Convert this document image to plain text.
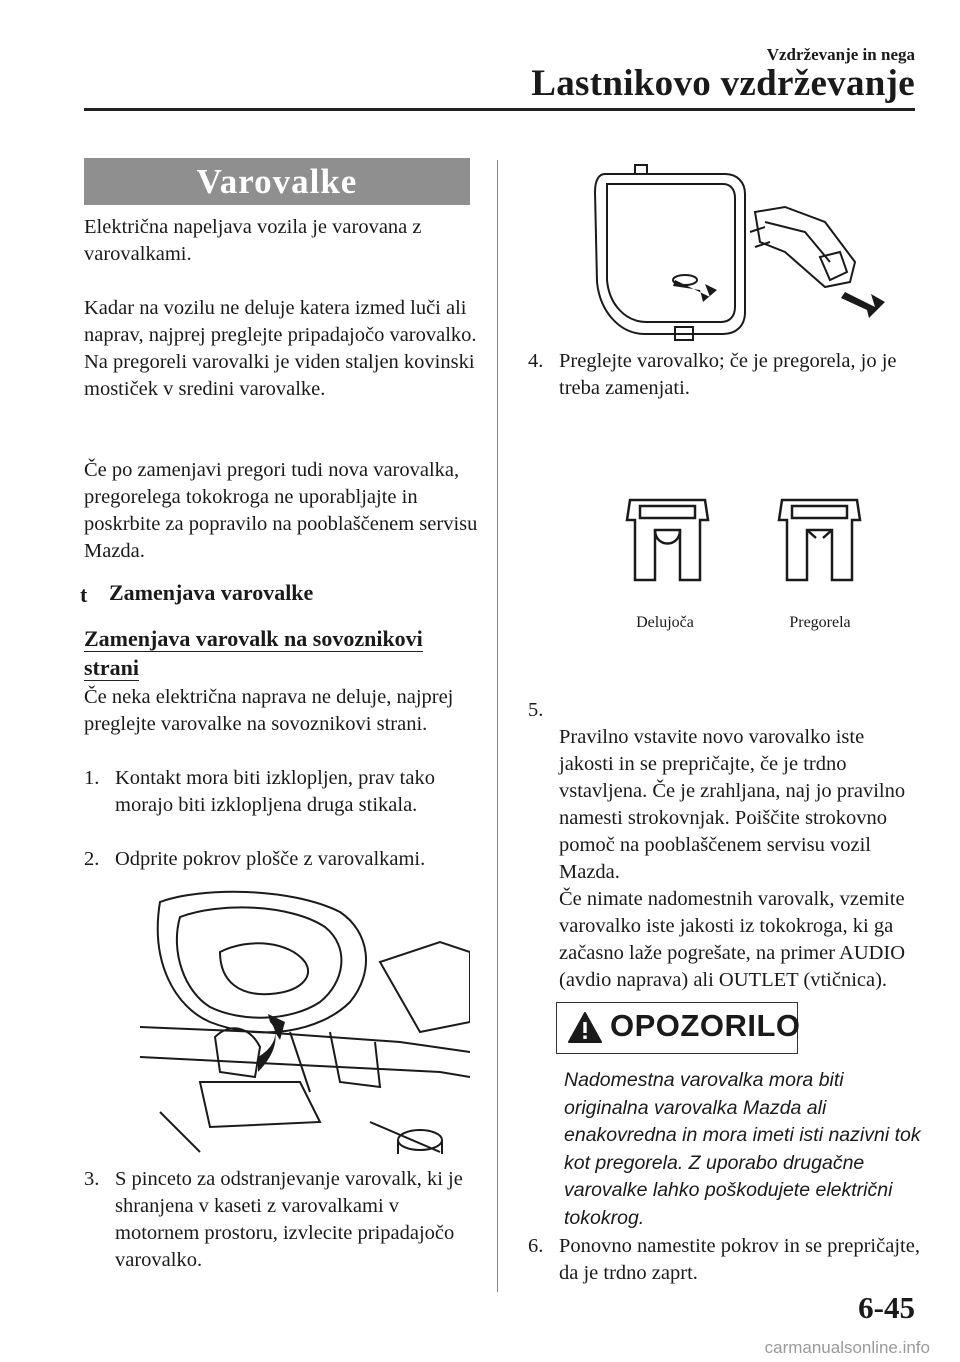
Vzdrževanje in nega
Lastnikovo vzdrževanje
Varovalke
Električna napeljava vozila je varovana z varovalkami.
Kadar na vozilu ne deluje katera izmed luči ali naprav, najprej preglejte pripadajočo varovalko. Na pregoreli varovalki je viden staljen kovinski mostiček v sredini varovalke.
Če po zamenjavi pregori tudi nova varovalka, pregorelega tokokroga ne uporabljajte in poskrbite za popravilo na pooblaščenem servisu Mazda.
t Zamenjava varovalke
Zamenjava varovalk na sovoznikovi strani
Če neka električna naprava ne deluje, najprej preglejte varovalke na sovoznikovi strani.
1. Kontakt mora biti izklopljen, prav tako morajo biti izklopljena druga stikala.
2. Odprite pokrov plošče z varovalkami.
3. S pinceto za odstranjevanje varovalk, ki je shranjena v kaseti z varovalkami v motornem prostoru, izvlecite pripadajočo varovalko.
4. Preglejte varovalko; če je pregorela, jo je treba zamenjati.
Delujoča	Pregorela

5.
Pravilno vstavite novo varovalko iste jakosti in se prepričajte, če je trdno vstavljena. Če je zrahljana, naj jo pravilno namesti strokovnjak. Poiščite strokovno pomoč na pooblaščenem servisu vozil Mazda.
Če nimate nadomestnih varovalk, vzemite varovalko iste jakosti iz tokokroga, ki ga začasno laže pogrešate, na primer AUDIO (avdio naprava) ali OUTLET (vtičnica).

OPOZORILO
Nadomestna varovalka mora biti originalna varovalka Mazda ali enakovredna in mora imeti isti nazivni tok kot pregorela. Z uporabo drugačne varovalke lahko poškodujete električni tokokrog.
6. Ponovno namestite pokrov in se prepričajte, da je trdno zaprt.
6-45
carmanualsonline.info
